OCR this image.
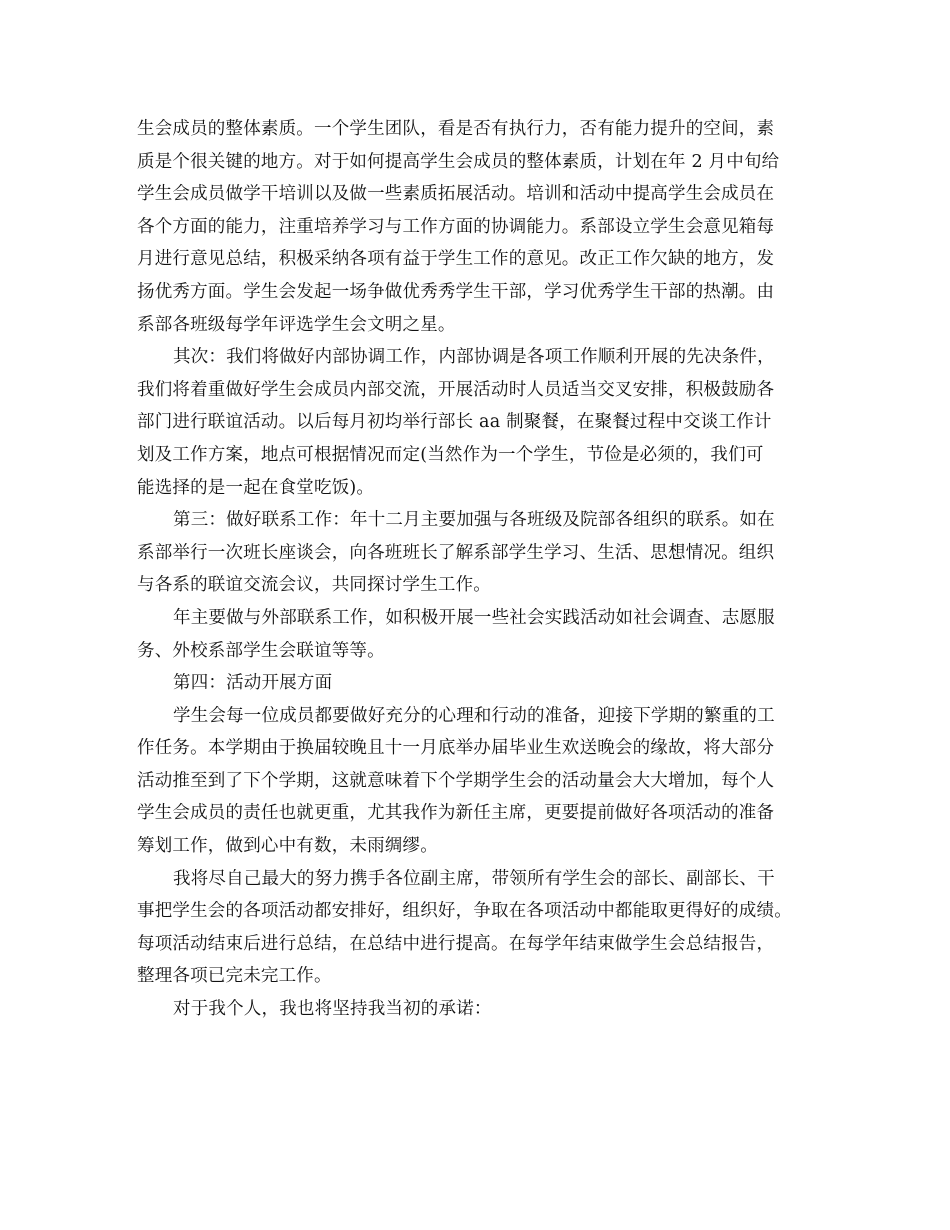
生会成员的整体素质。一个学生团队，看是否有执行力，否有能力提升的空间，素
质是个很关键的地方。对于如何提高学生会成员的整体素质，计划在年 2 月中旬给
学生会成员做学干培训以及做一些素质拓展活动。培训和活动中提高学生会成员在
各个方面的能力，注重培养学习与工作方面的协调能力。系部设立学生会意见箱每
月进行意见总结，积极采纳各项有益于学生工作的意见。改正工作欠缺的地方，发
扬优秀方面。学生会发起一场争做优秀秀学生干部，学习优秀学生干部的热潮。由
系部各班级每学年评选学生会文明之星。
其次：我们将做好内部协调工作，内部协调是各项工作顺利开展的先决条件，
我们将着重做好学生会成员内部交流，开展活动时人员适当交叉安排，积极鼓励各
部门进行联谊活动。以后每月初均举行部长 aa 制聚餐，在聚餐过程中交谈工作计
划及工作方案，地点可根据情况而定(当然作为一个学生，节俭是必须的，我们可
能选择的是一起在食堂吃饭)。
第三：做好联系工作：年十二月主要加强与各班级及院部各组织的联系。如在
系部举行一次班长座谈会，向各班班长了解系部学生学习、生活、思想情况。组织
与各系的联谊交流会议，共同探讨学生工作。
年主要做与外部联系工作，如积极开展一些社会实践活动如社会调查、志愿服
务、外校系部学生会联谊等等。
第四：活动开展方面
学生会每一位成员都要做好充分的心理和行动的准备，迎接下学期的繁重的工
作任务。本学期由于换届较晚且十一月底举办届毕业生欢送晚会的缘故，将大部分
活动推至到了下个学期，这就意味着下个学期学生会的活动量会大大增加，每个人
学生会成员的责任也就更重，尤其我作为新任主席，更要提前做好各项活动的准备
筹划工作，做到心中有数，未雨绸缪。
我将尽自己最大的努力携手各位副主席，带领所有学生会的部长、副部长、干
事把学生会的各项活动都安排好，组织好，争取在各项活动中都能取更得好的成绩。
每项活动结束后进行总结，在总结中进行提高。在每学年结束做学生会总结报告，
整理各项已完未完工作。
对于我个人，我也将坚持我当初的承诺：
